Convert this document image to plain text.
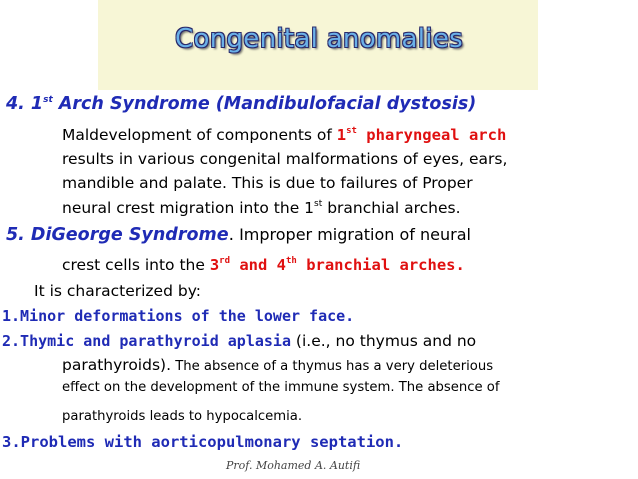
Congenital anomalies
4. 1st Arch Syndrome (Mandibulofacial dystosis)
Maldevelopment of components of 1st pharyngeal arch
results in various congenital malformations of eyes, ears,
mandible and palate. This is due to failures of Proper
neural crest migration into the 1st branchial arches.
5. DiGeorge Syndrome. Improper migration of neural
crest cells into the 3rd and 4th branchial arches.
It is characterized by:
1.Minor deformations of the lower face.
2.Thymic and parathyroid aplasia (i.e., no thymus and no
parathyroids). The absence of a thymus has a very deleterious
effect on the development of the immune system. The absence of
parathyroids leads to hypocalcemia.
3.Problems with aorticopulmonary septation.
Prof. Mohamed A. Autifi
